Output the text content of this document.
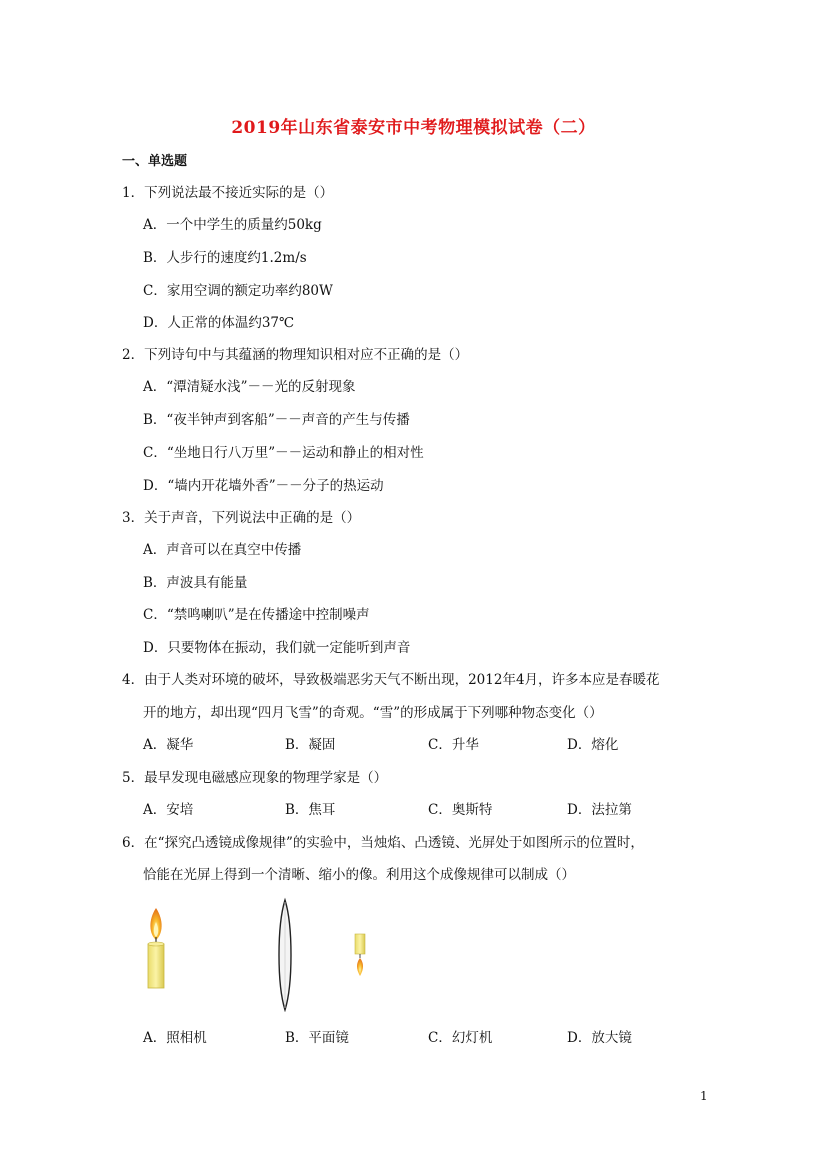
2019年山东省泰安市中考物理模拟试卷（二）
一、单选题
1．下列说法最不接近实际的是（）
A．一个中学生的质量约50kg
B．人步行的速度约1.2m/s
C．家用空调的额定功率约80W
D．人正常的体温约37℃
2．下列诗句中与其蕴涵的物理知识相对应不正确的是（）
A．“潭清疑水浅”－－光的反射现象
B．“夜半钟声到客船”－－声音的产生与传播
C．“坐地日行八万里”－－运动和静止的相对性
D．“墙内开花墙外香”－－分子的热运动
3．关于声音，下列说法中正确的是（）
A．声音可以在真空中传播
B．声波具有能量
C．“禁鸣喇叭”是在传播途中控制噪声
D．只要物体在振动，我们就一定能听到声音
4．由于人类对环境的破坏，导致极端恶劣天气不断出现，2012年4月，许多本应是春暖花
开的地方，却出现“四月飞雪”的奇观。“雪”的形成属于下列哪种物态变化（）
A．凝华	B．凝固	C．升华	D．熔化
5．最早发现电磁感应现象的物理学家是（）
A．安培	B．焦耳	C．奥斯特	D．法拉第
6．在“探究凸透镜成像规律”的实验中，当烛焰、凸透镜、光屏处于如图所示的位置时，
恰能在光屏上得到一个清晰、缩小的像。利用这个成像规律可以制成（）
A．照相机	B．平面镜	C．幻灯机	D．放大镜
1
